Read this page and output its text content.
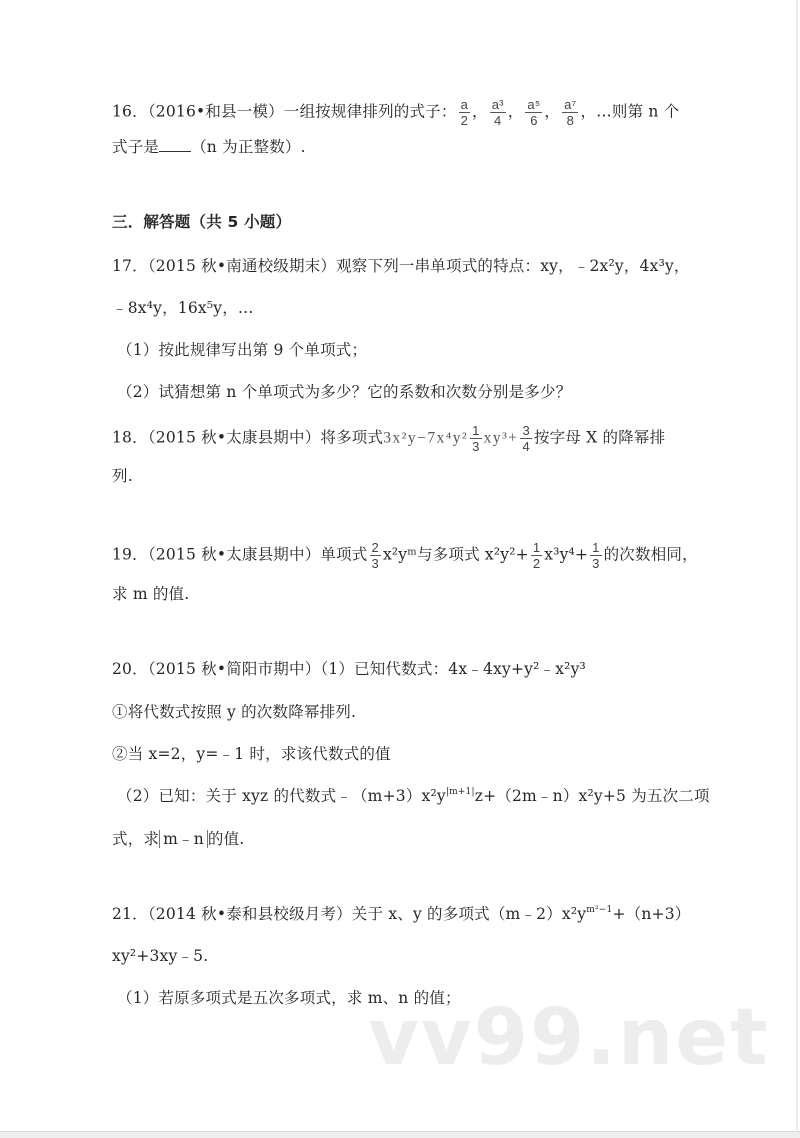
16．（2016•和县一模）一组按规律排列的式子： $\frac{a}{2}$ ， $\frac{\text{a³}}{4}$ ， $\frac{\text{a⁵}}{6}$ ， $\frac{\text{a⁷}}{8}$ ，…则第 n 个
式子是 （n 为正整数）.
三．解答题（共 5 小题）
17．（2015 秋•南通校级期末）观察下列一串单项式的特点：xy，﹣2x²y，4x³y，
﹣8x⁴y，16x⁵y，…
（1）按此规律写出第 9 个单项式；
（2）试猜想第 n 个单项式为多少？它的系数和次数分别是多少？
18．（2015 秋•太康县期中）将多项式$3x^2y-7x^4y^2 \frac{1}{3} xy^3+ \frac{3}{4}$ 按字母 X 的降幂排
列.
19．（2015 秋•太康县期中）单项式 $\frac{2}{3}$ x²yᵐ与多项式 $x^2y^2+ \frac{1}{2} x^3y^4+ \frac{1}{3}$ 的次数相同，
求 m 的值.
20．（2015 秋•简阳市期中）（1）已知代数式：4x﹣4xy+y²﹣x²y³
①将代数式按照 y 的次数降幂排列.
②当 x=2，y=﹣1 时，求该代数式的值
（2）已知：关于 xyz 的代数式$﹣(m+3)x^2y^{|m+1|}z+(2m﹣n)x^2y+5$ 为五次二项
式，求 m﹣n 的值.
21．（2014 秋•泰和县校级月考）关于 x、y 的多项式$(m﹣2)x^2y^{m^2-1}+(n+3)$
xy²+3xy﹣5.
（1）若原多项式是五次多项式，求 m、n 的值；
vv99.net
